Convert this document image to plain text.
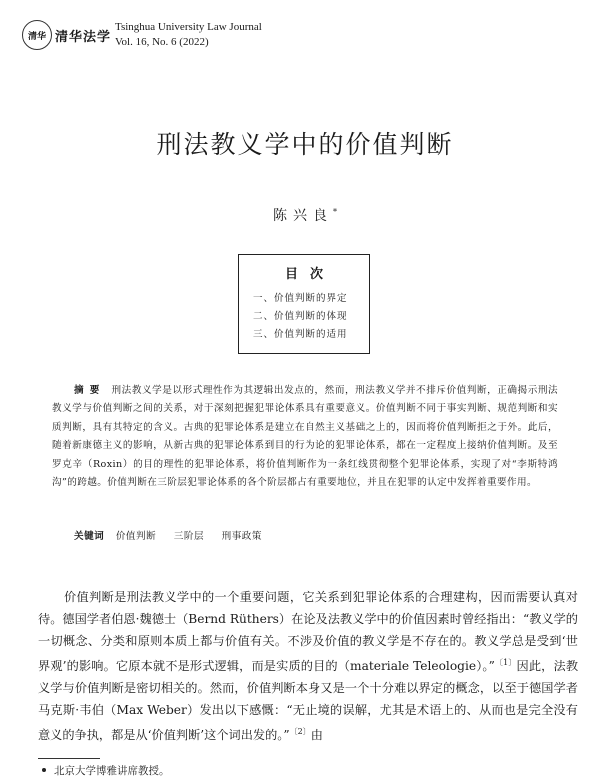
清华 清华法学
Tsinghua University Law Journal
Vol. 16, No. 6 (2022)
刑法教义学中的价值判断
陈兴良*
目次
一、价值判断的界定
二、价值判断的体现
三、价值判断的适用
摘要 刑法教义学是以形式理性作为其逻辑出发点的，然而，刑法教义学并不排斥价值判断，正确揭示刑法教义学与价值判断之间的关系，对于深刻把握犯罪论体系具有重要意义。价值判断不同于事实判断、规范判断和实质判断，具有其特定的含义。古典的犯罪论体系是建立在自然主义基础之上的，因而将价值判断拒之于外。此后，随着新康德主义的影响，从新古典的犯罪论体系到目的行为论的犯罪论体系，都在一定程度上接纳价值判断。及至罗克辛（Roxin）的目的理性的犯罪论体系，将价值判断作为一条红线贯彻整个犯罪论体系，实现了对“李斯特鸿沟”的跨越。价值判断在三阶层犯罪论体系的各个阶层都占有重要地位，并且在犯罪的认定中发挥着重要作用。
关键词 价值判断 三阶层 刑事政策
价值判断是刑法教义学中的一个重要问题，它关系到犯罪论体系的合理建构，因而需要认真对待。德国学者伯恩·魏德士（Bernd Rüthers）在论及法教义学中的价值因素时曾经指出：“教义学的一切概念、分类和原则本质上都与价值有关。不涉及价值的教义学是不存在的。教义学总是受到‘世界观’的影响。它原本就不是形式逻辑，而是实质的目的（materiale Teleologie）。”$^{〔1〕}$因此，法教义学与价值判断是密切相关的。然而，价值判断本身又是一个十分难以界定的概念，以至于德国学者马克斯·韦伯（Max Weber）发出以下感慨：“无止境的误解，尤其是术语上的、从而也是完全没有意义的争执，都是从‘价值判断’这个词出发的。”$^{〔2〕}$由
北京大学博雅讲席教授。
